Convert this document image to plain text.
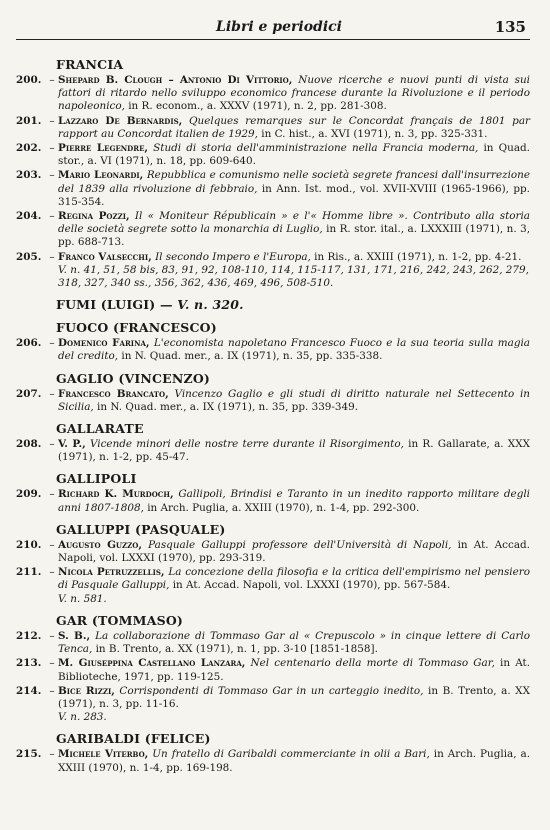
Libri e periodici	135
FRANCIA
200. – Shepard B. Clough – Antonio Di Vittorio, Nuove ricerche e nuovi punti di vista sui fattori di ritardo nello sviluppo economico francese durante la Rivoluzione e il periodo napoleonico, in R. econom., a. XXXV (1971), n. 2, pp. 281-308.
201. – Lazzaro De Bernardis, Quelques remarques sur le Concordat français de 1801 par rapport au Concordat italien de 1929, in C. hist., a. XVI (1971), n. 3, pp. 325-331.
202. – Pierre Legendre, Studi di storia dell'amministrazione nella Francia moderna, in Quad. stor., a. VI (1971), n. 18, pp. 609-640.
203. – Mario Leonardi, Repubblica e comunismo nelle società segrete francesi dall'insurrezione del 1839 alla rivoluzione di febbraio, in Ann. Ist. mod., vol. XVII-XVIII (1965-1966), pp. 315-354.
204. – Regina Pozzi, Il « Moniteur Républicain » e l'« Homme libre ». Contributo alla storia delle società segrete sotto la monarchia di Luglio, in R. stor. ital., a. LXXXIII (1971), n. 3, pp. 688-713.
205. – Franco Valsecchi, Il secondo Impero e l'Europa, in Ris., a. XXIII (1971), n. 1-2, pp. 4-21.
V. n. 41, 51, 58 bis, 83, 91, 92, 108-110, 114, 115-117, 131, 171, 216, 242, 243, 262, 279, 318, 327, 340 ss., 356, 362, 436, 469, 496, 508-510.
FUMI (LUIGI) — V. n. 320.
FUOCO (FRANCESCO)
206. – Domenico Farina, L'economista napoletano Francesco Fuoco e la sua teoria sulla magia del credito, in N. Quad. mer., a. IX (1971), n. 35, pp. 335-338.
GAGLIO (VINCENZO)
207. – Francesco Brancato, Vincenzo Gaglio e gli studi di diritto naturale nel Settecento in Sicilia, in N. Quad. mer., a. IX (1971), n. 35, pp. 339-349.
GALLARATE
208. – V. P., Vicende minori delle nostre terre durante il Risorgimento, in R. Gallarate, a. XXX (1971), n. 1-2, pp. 45-47.
GALLIPOLI
209. – Richard K. Murdoch, Gallipoli, Brindisi e Taranto in un inedito rapporto militare degli anni 1807-1808, in Arch. Puglia, a. XXIII (1970), n. 1-4, pp. 292-300.
GALLUPPI (PASQUALE)
210. – Augusto Guzzo, Pasquale Galluppi professore dell'Università di Napoli, in At. Accad. Napoli, vol. LXXXI (1970), pp. 293-319.
211. – Nicola Petruzzellis, La concezione della filosofia e la critica dell'empirismo nel pensiero di Pasquale Galluppi, in At. Accad. Napoli, vol. LXXXI (1970), pp. 567-584.
V. n. 581.
GAR (TOMMASO)
212. – S. B., La collaborazione di Tommaso Gar al « Crepuscolo » in cinque lettere di Carlo Tenca, in B. Trento, a. XX (1971), n. 1, pp. 3-10 [1851-1858].
213. – M. Giuseppina Castellano Lanzara, Nel centenario della morte di Tommaso Gar, in At. Biblioteche, 1971, pp. 119-125.
214. – Bice Rizzi, Corrispondenti di Tommaso Gar in un carteggio inedito, in B. Trento, a. XX (1971), n. 3, pp. 11-16.
V. n. 283.
GARIBALDI (FELICE)
215. – Michele Viterbo, Un fratello di Garibaldi commerciante in olii a Bari, in Arch. Puglia, a. XXIII (1970), n. 1-4, pp. 169-198.
